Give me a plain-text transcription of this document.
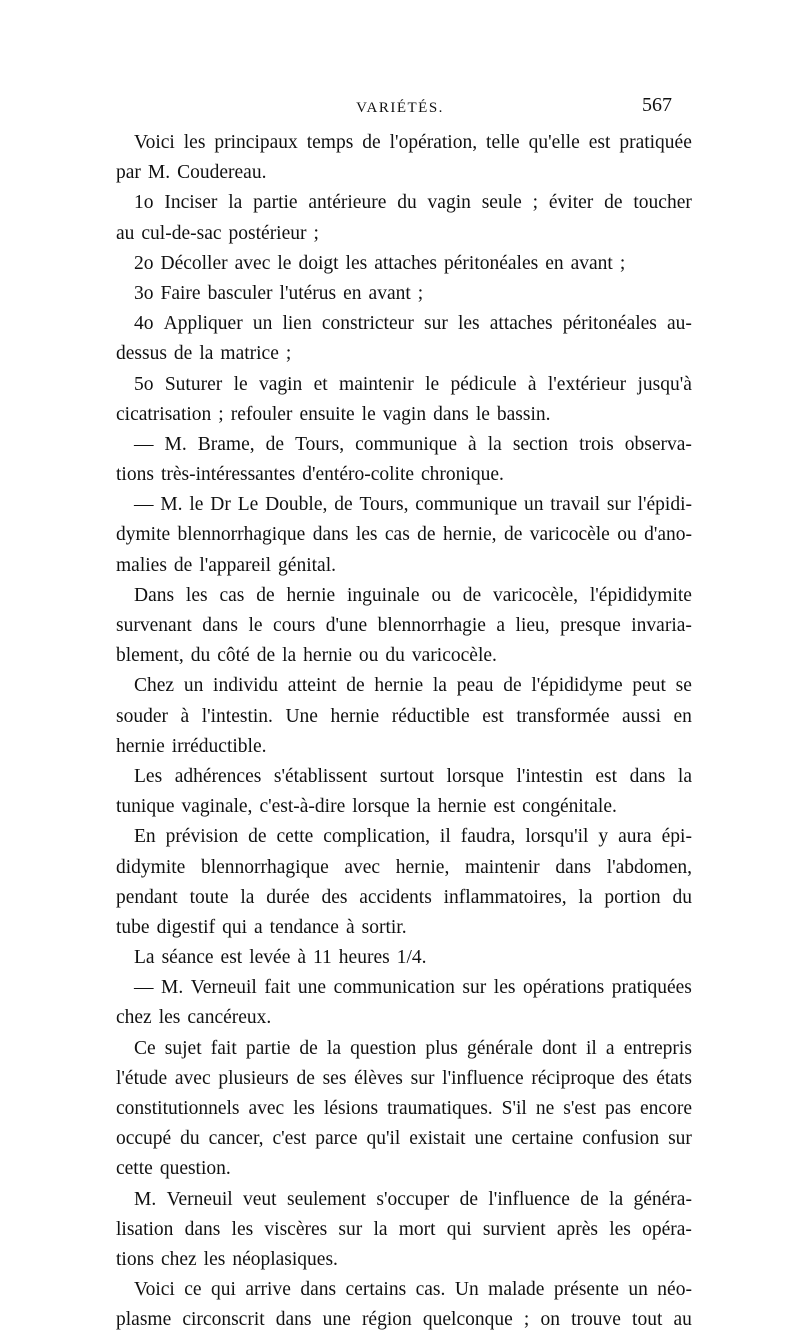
VARIÉTÉS.	567
Voici les principaux temps de l'opération, telle qu'elle est pratiquée
par M. Coudereau.
1o Inciser la partie antérieure du vagin seule ; éviter de toucher
au cul-de-sac postérieur ;
2o Décoller avec le doigt les attaches péritonéales en avant ;
3o Faire basculer l'utérus en avant ;
4o Appliquer un lien constricteur sur les attaches péritonéales au-
dessus de la matrice ;
5o Suturer le vagin et maintenir le pédicule à l'extérieur jusqu'à
cicatrisation ; refouler ensuite le vagin dans le bassin.
— M. Brame, de Tours, communique à la section trois observa-
tions très-intéressantes d'entéro-colite chronique.
— M. le Dr Le Double, de Tours, communique un travail sur l'épidi-
dymite blennorrhagique dans les cas de hernie, de varicocèle ou d'ano-
malies de l'appareil génital.
Dans les cas de hernie inguinale ou de varicocèle, l'épididymite
survenant dans le cours d'une blennorrhagie a lieu, presque invaria-
blement, du côté de la hernie ou du varicocèle.
Chez un individu atteint de hernie la peau de l'épididyme peut se
souder à l'intestin. Une hernie réductible est transformée aussi en
hernie irréductible.
Les adhérences s'établissent surtout lorsque l'intestin est dans la
tunique vaginale, c'est-à-dire lorsque la hernie est congénitale.
En prévision de cette complication, il faudra, lorsqu'il y aura épi-
didymite blennorrhagique avec hernie, maintenir dans l'abdomen,
pendant toute la durée des accidents inflammatoires, la portion du
tube digestif qui a tendance à sortir.
La séance est levée à 11 heures 1/4.
— M. Verneuil fait une communication sur les opérations pratiquées
chez les cancéreux.
Ce sujet fait partie de la question plus générale dont il a entrepris
l'étude avec plusieurs de ses élèves sur l'influence réciproque des états
constitutionnels avec les lésions traumatiques. S'il ne s'est pas encore
occupé du cancer, c'est parce qu'il existait une certaine confusion sur
cette question.
M. Verneuil veut seulement s'occuper de l'influence de la généra-
lisation dans les viscères sur la mort qui survient après les opéra-
tions chez les néoplasiques.
Voici ce qui arrive dans certains cas. Un malade présente un néo-
plasme circonscrit dans une région quelconque ; on trouve tout au
